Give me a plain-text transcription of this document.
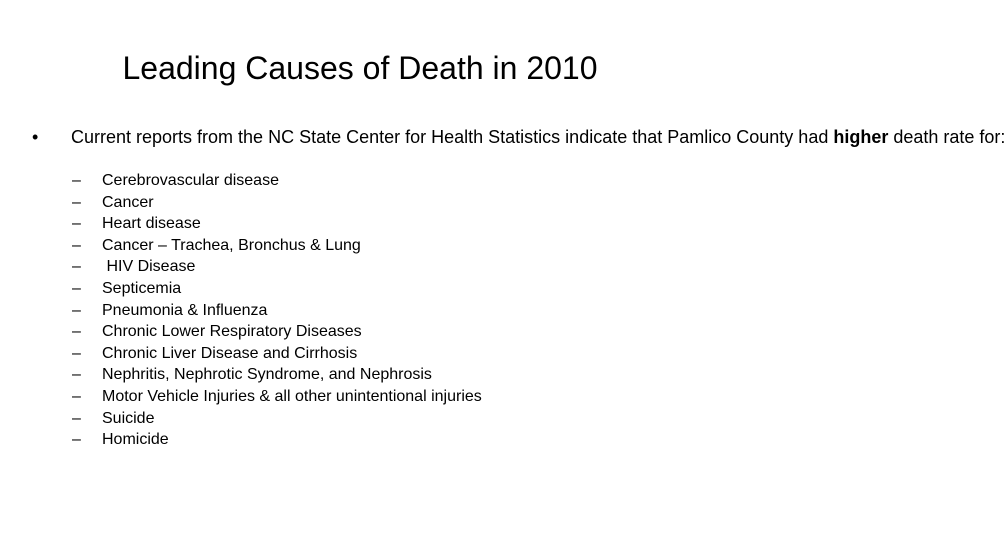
Leading Causes of Death in 2010
• Current reports from the NC State Center for Health Statistics indicate that Pamlico County had higher death rate for:
– Cerebrovascular disease
– Cancer
– Heart disease
– Cancer – Trachea, Bronchus & Lung
– HIV Disease
– Septicemia
– Pneumonia & Influenza
– Chronic Lower Respiratory Diseases
– Chronic Liver Disease and Cirrhosis
– Nephritis, Nephrotic Syndrome, and Nephrosis
– Motor Vehicle Injuries & all other unintentional injuries
– Suicide
– Homicide
